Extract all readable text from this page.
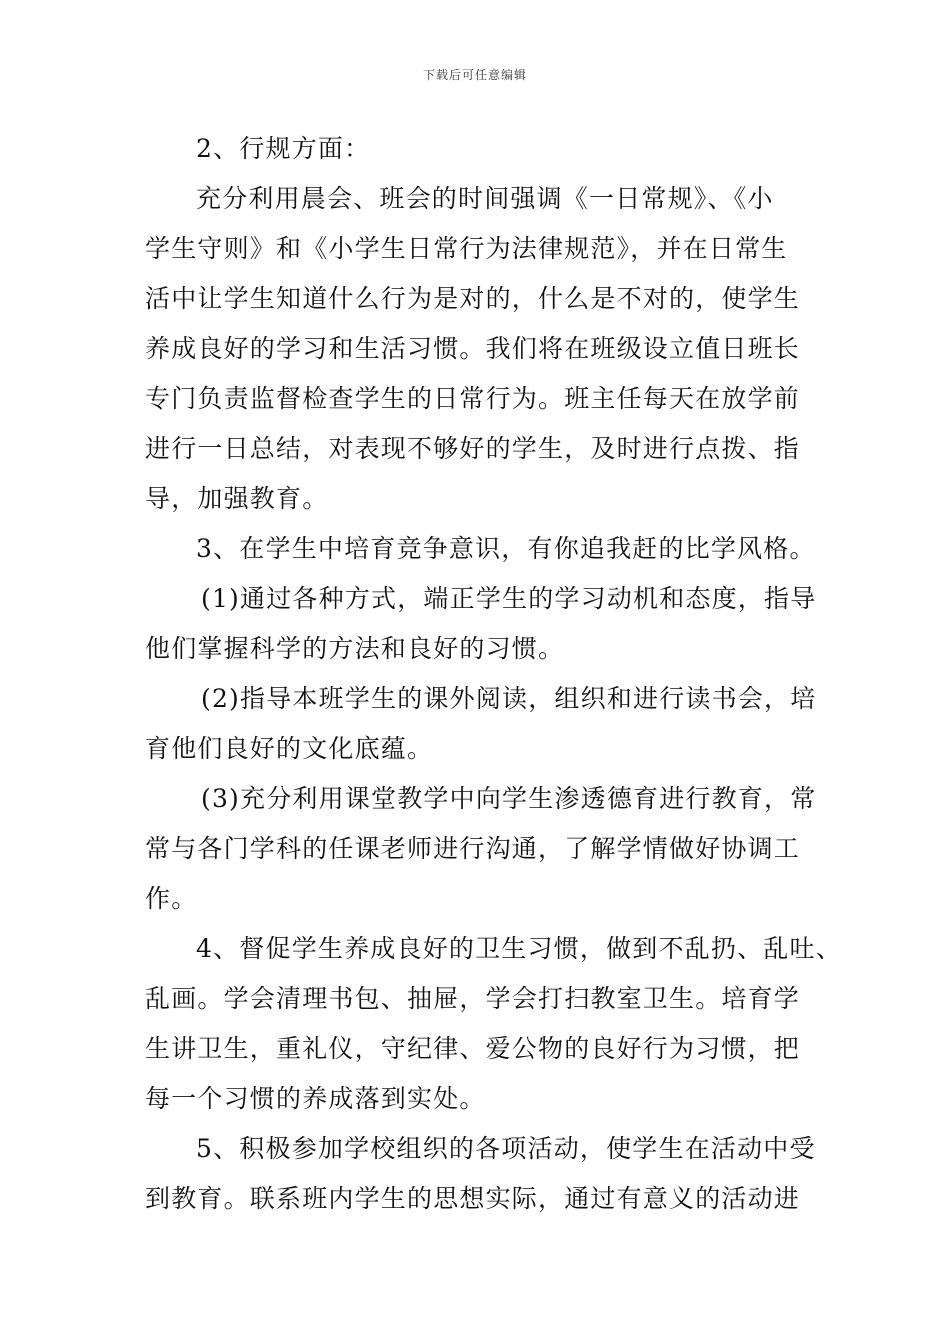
下载后可任意编辑
2、行规方面：
充分利用晨会、班会的时间强调《一日常规》、《小
学生守则》和《小学生日常行为法律规范》，并在日常生
活中让学生知道什么行为是对的，什么是不对的，使学生
养成良好的学习和生活习惯。我们将在班级设立值日班长
专门负责监督检查学生的日常行为。班主任每天在放学前
进行一日总结，对表现不够好的学生，及时进行点拨、指
导，加强教育。
3、在学生中培育竞争意识，有你追我赶的比学风格。
(1)通过各种方式，端正学生的学习动机和态度，指导
他们掌握科学的方法和良好的习惯。
(2)指导本班学生的课外阅读，组织和进行读书会，培
育他们良好的文化底蕴。
(3)充分利用课堂教学中向学生渗透德育进行教育，常
常与各门学科的任课老师进行沟通，了解学情做好协调工
作。
4、督促学生养成良好的卫生习惯，做到不乱扔、乱吐、
乱画。学会清理书包、抽屉，学会打扫教室卫生。培育学
生讲卫生，重礼仪，守纪律、爱公物的良好行为习惯，把
每一个习惯的养成落到实处。
5、积极参加学校组织的各项活动，使学生在活动中受
到教育。联系班内学生的思想实际，通过有意义的活动进
